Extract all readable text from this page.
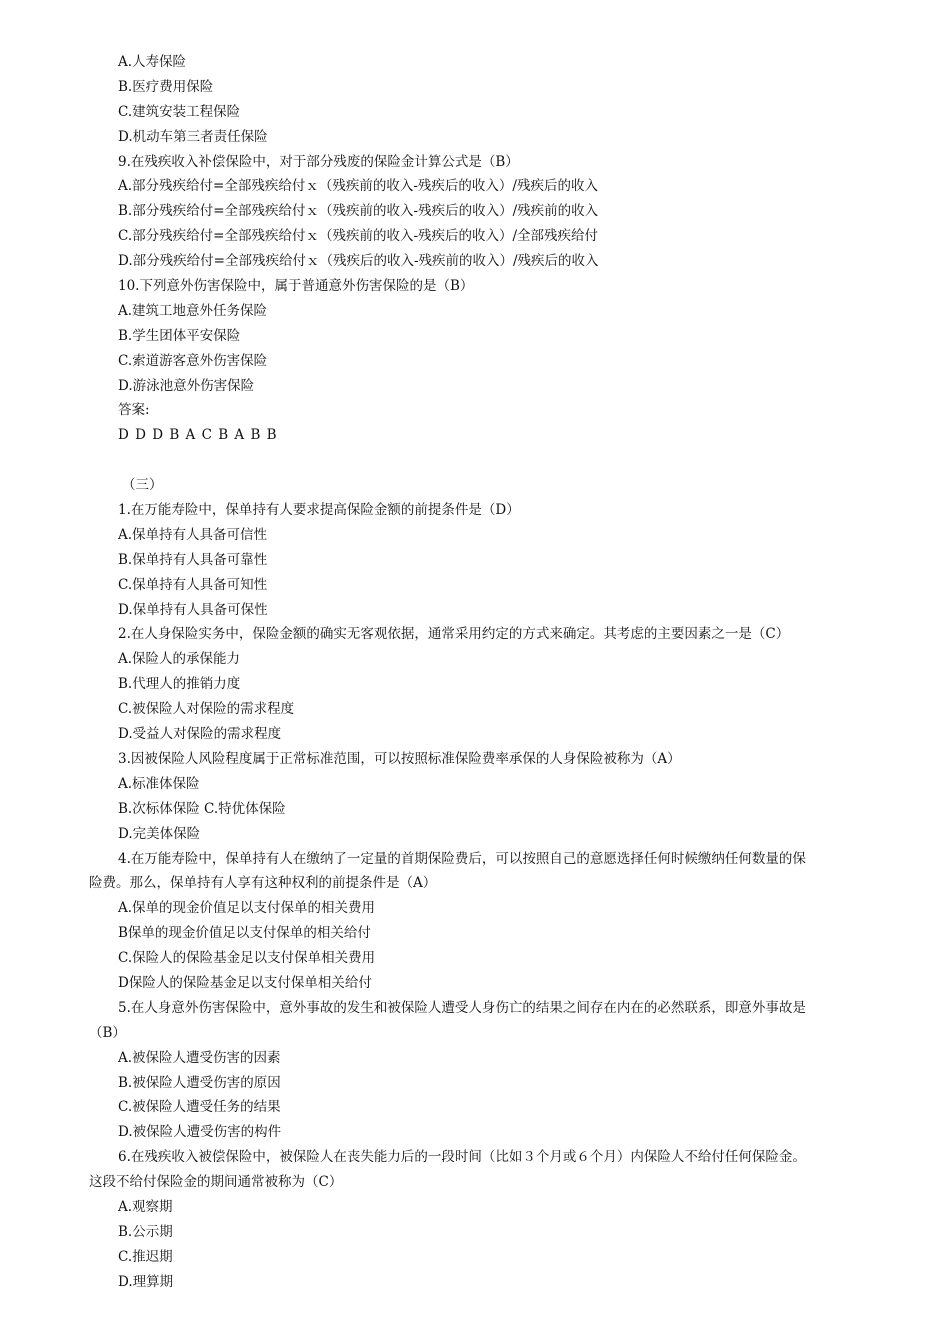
A.人寿保险
B.医疗费用保险
C.建筑安装工程保险
D.机动车第三者责任保险
9.在残疾收入补偿保险中，对于部分残废的保险金计算公式是（B）
A.部分残疾给付=全部残疾给付ｘ（残疾前的收入-残疾后的收入）/残疾后的收入
B.部分残疾给付=全部残疾给付ｘ（残疾前的收入-残疾后的收入）/残疾前的收入
C.部分残疾给付=全部残疾给付ｘ（残疾前的收入-残疾后的收入）/全部残疾给付
D.部分残疾给付=全部残疾给付ｘ（残疾后的收入-残疾前的收入）/残疾后的收入
10.下列意外伤害保险中，属于普通意外伤害保险的是（B）
A.建筑工地意外任务保险
B.学生团体平安保险
C.索道游客意外伤害保险
D.游泳池意外伤害保险
答案:
D D D B A C B A B B
（三）
1.在万能寿险中，保单持有人要求提高保险金额的前提条件是（D）
A.保单持有人具备可信性
B.保单持有人具备可靠性
C.保单持有人具备可知性
D.保单持有人具备可保性
2.在人身保险实务中，保险金额的确实无客观依据，通常采用约定的方式来确定。其考虑的主要因素之一是（C）
A.保险人的承保能力
B.代理人的推销力度
C.被保险人对保险的需求程度
D.受益人对保险的需求程度
3.因被保险人风险程度属于正常标准范围，可以按照标准保险费率承保的人身保险被称为（A）
A.标准体保险
B.次标体保险 C.特优体保险
D.完美体保险
4.在万能寿险中，保单持有人在缴纳了一定量的首期保险费后，可以按照自己的意愿选择任何时候缴纳任何数量的保
险费。那么，保单持有人享有这种权利的前提条件是（A）
A.保单的现金价值足以支付保单的相关费用
B保单的现金价值足以支付保单的相关给付
C.保险人的保险基金足以支付保单相关费用
D保险人的保险基金足以支付保单相关给付
5.在人身意外伤害保险中，意外事故的发生和被保险人遭受人身伤亡的结果之间存在内在的必然联系，即意外事故是
（B）
A.被保险人遭受伤害的因素
B.被保险人遭受伤害的原因
C.被保险人遭受任务的结果
D.被保险人遭受伤害的构件
6.在残疾收入被偿保险中，被保险人在丧失能力后的一段时间（比如３个月或６个月）内保险人不给付任何保险金。
这段不给付保险金的期间通常被称为（C）
A.观察期
B.公示期
C.推迟期
D.理算期
